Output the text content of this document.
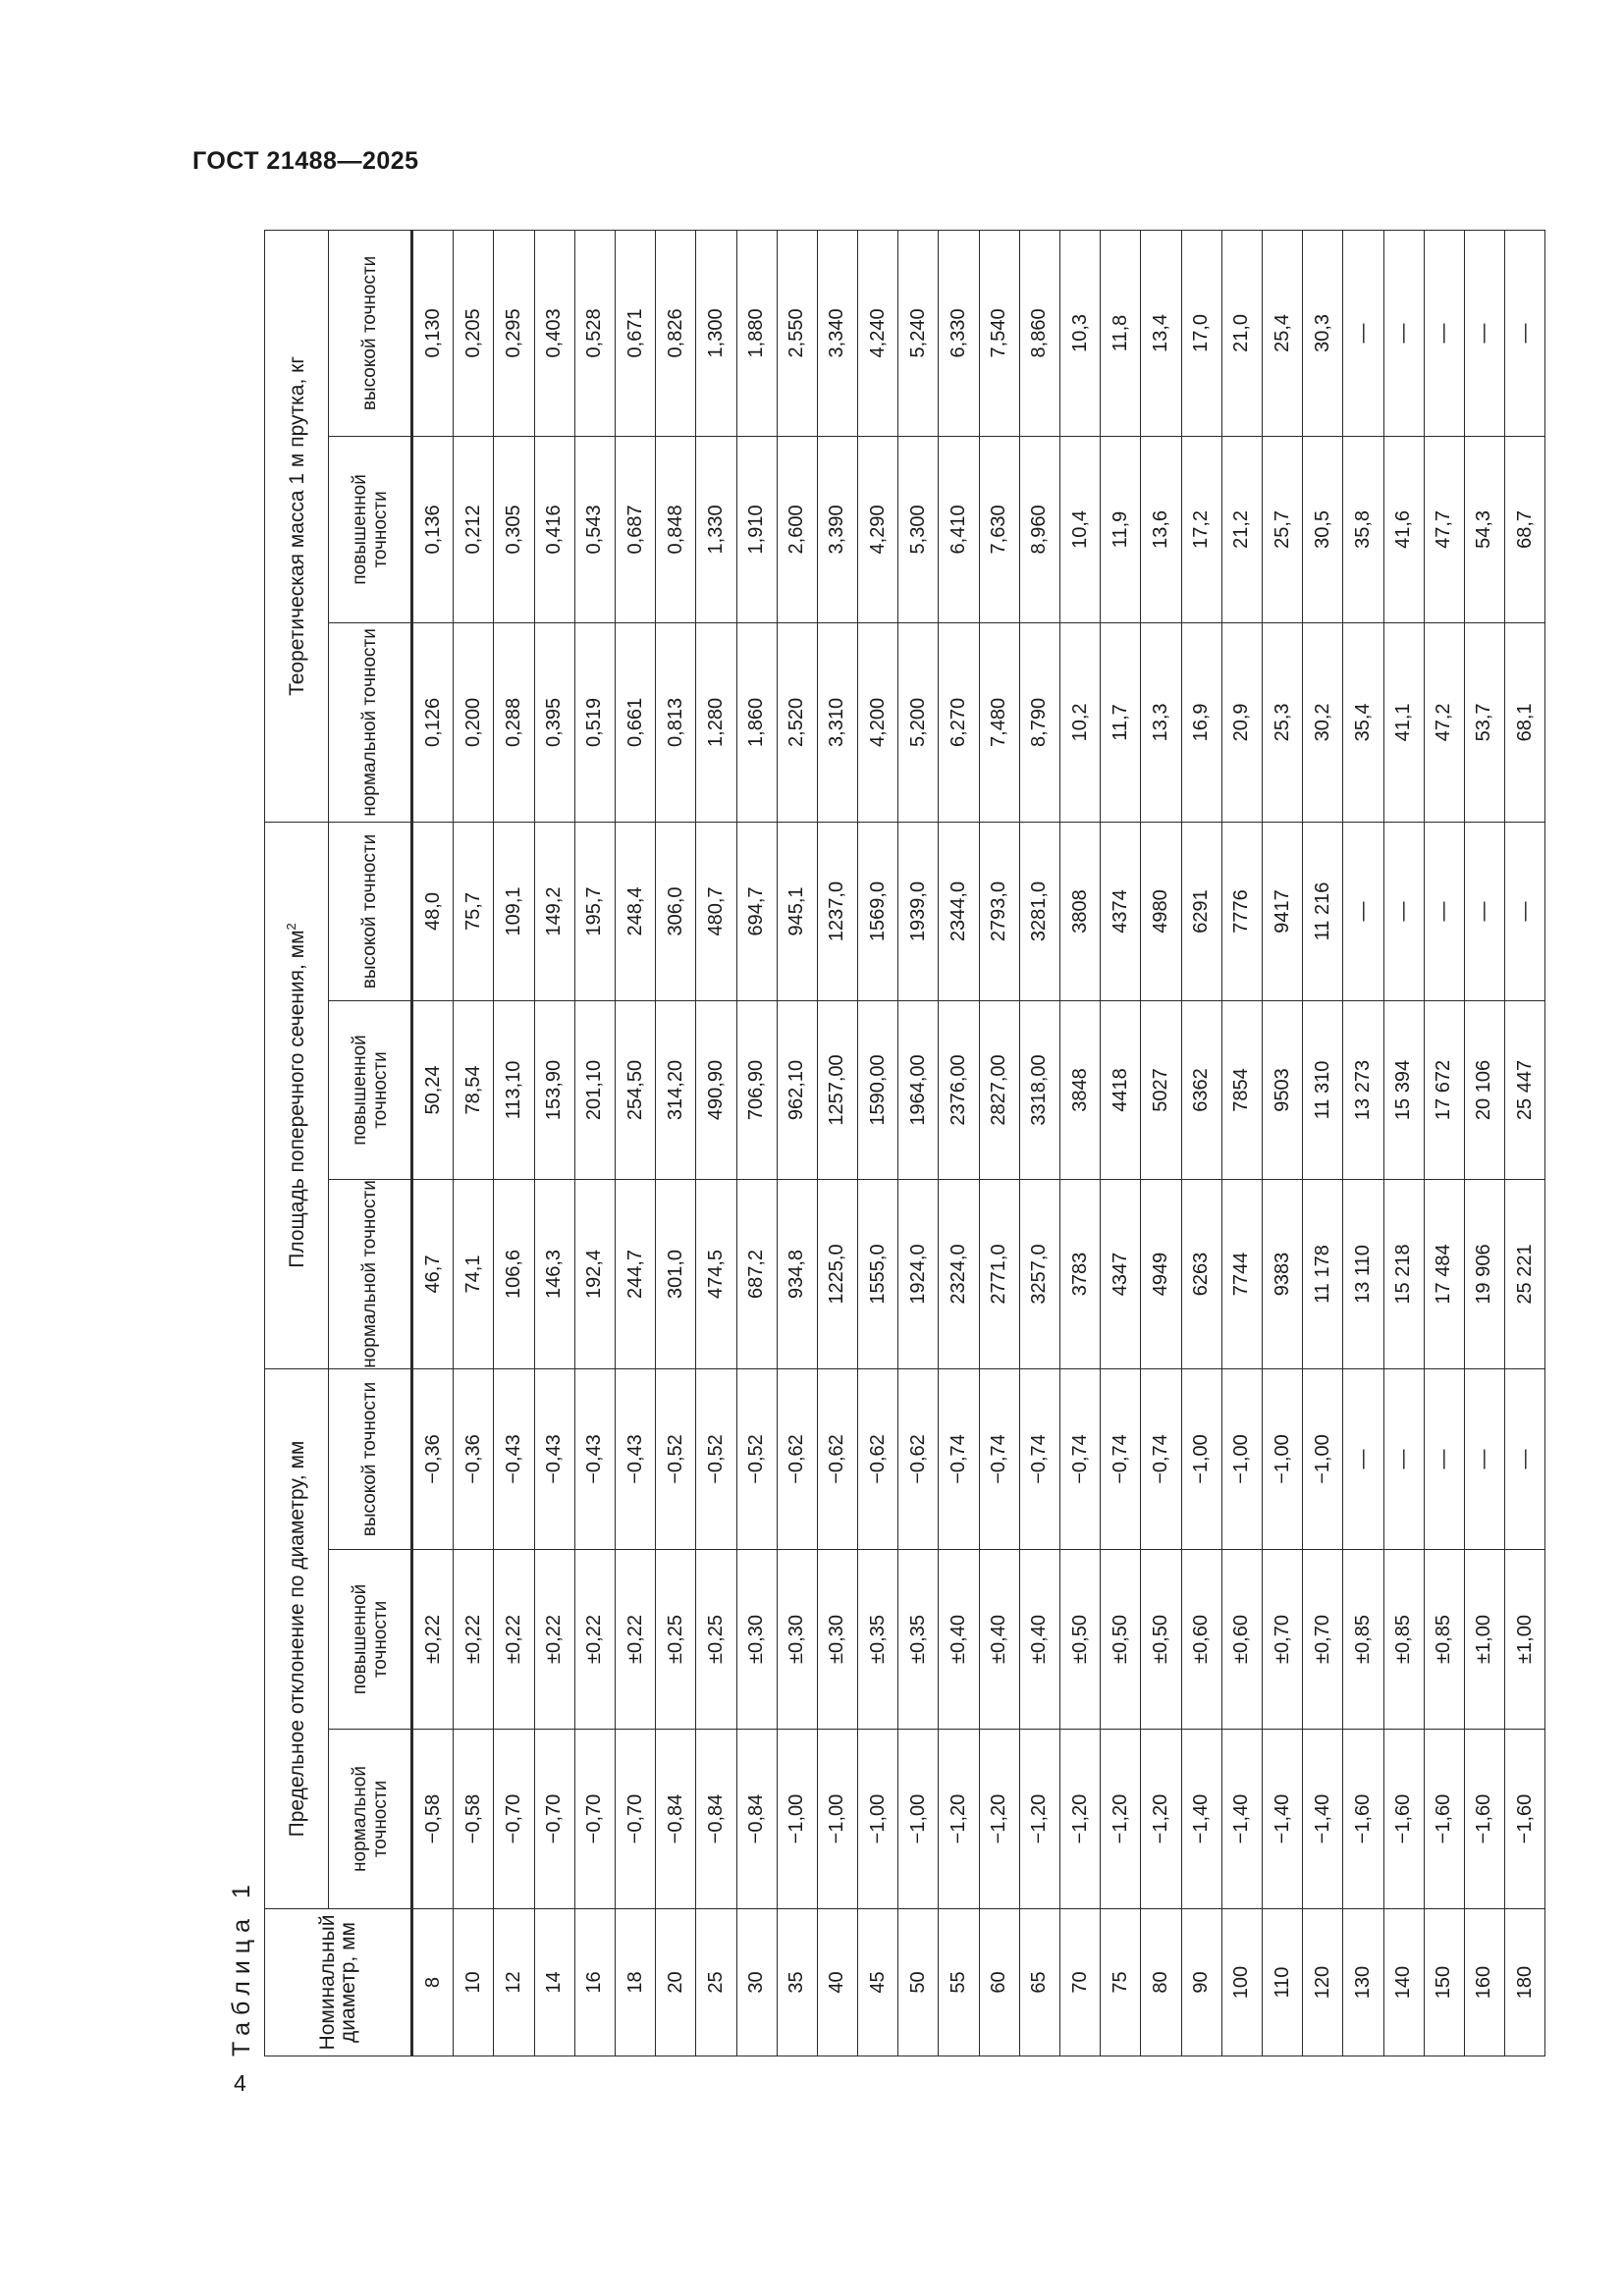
ГОСТ 21488—2025
4
Таблица 1	Номинальный диаметр, мм	Предельное отклонение по диаметру, мм			Площадь поперечного сечения, $мм^2$			Теоретическая масса 1 м прутка, кг		
	нормальной точности	повышенной точности	высокой точности	нормальной точности	повышенной точности	высокой точности	нормальной точности	повышенной точности	высокой точности
8	−0,58	±0,22	−0,36	46,7	50,24	48,0	0,126	0,136	0,130
10	−0,58	±0,22	−0,36	74,1	78,54	75,7	0,200	0,212	0,205
12	−0,70	±0,22	−0,43	106,6	113,10	109,1	0,288	0,305	0,295
14	−0,70	±0,22	−0,43	146,3	153,90	149,2	0,395	0,416	0,403
16	−0,70	±0,22	−0,43	192,4	201,10	195,7	0,519	0,543	0,528
18	−0,70	±0,22	−0,43	244,7	254,50	248,4	0,661	0,687	0,671
20	−0,84	±0,25	−0,52	301,0	314,20	306,0	0,813	0,848	0,826
25	−0,84	±0,25	−0,52	474,5	490,90	480,7	1,280	1,330	1,300
30	−0,84	±0,30	−0,52	687,2	706,90	694,7	1,860	1,910	1,880
35	−1,00	±0,30	−0,62	934,8	962,10	945,1	2,520	2,600	2,550
40	−1,00	±0,30	−0,62	1225,0	1257,00	1237,0	3,310	3,390	3,340
45	−1,00	±0,35	−0,62	1555,0	1590,00	1569,0	4,200	4,290	4,240
50	−1,00	±0,35	−0,62	1924,0	1964,00	1939,0	5,200	5,300	5,240
55	−1,20	±0,40	−0,74	2324,0	2376,00	2344,0	6,270	6,410	6,330
60	−1,20	±0,40	−0,74	2771,0	2827,00	2793,0	7,480	7,630	7,540
65	−1,20	±0,40	−0,74	3257,0	3318,00	3281,0	8,790	8,960	8,860
70	−1,20	±0,50	−0,74	3783	3848	3808	10,2	10,4	10,3
75	−1,20	±0,50	−0,74	4347	4418	4374	11,7	11,9	11,8
80	−1,20	±0,50	−0,74	4949	5027	4980	13,3	13,6	13,4
90	−1,40	±0,60	−1,00	6263	6362	6291	16,9	17,2	17,0
100	−1,40	±0,60	−1,00	7744	7854	7776	20,9	21,2	21,0
110	−1,40	±0,70	−1,00	9383	9503	9417	25,3	25,7	25,4
120	−1,40	±0,70	−1,00	11 178	11 310	11 216	30,2	30,5	30,3
130	−1,60	±0,85	—	13 110	13 273	—	35,4	35,8	—
140	−1,60	±0,85	—	15 218	15 394	—	41,1	41,6	—
150	−1,60	±0,85	—	17 484	17 672	—	47,2	47,7	—
160	−1,60	±1,00	—	19 906	20 106	—	53,7	54,3	—
180	−1,60	±1,00	—	25 221	25 447	—	68,1	68,7	—
